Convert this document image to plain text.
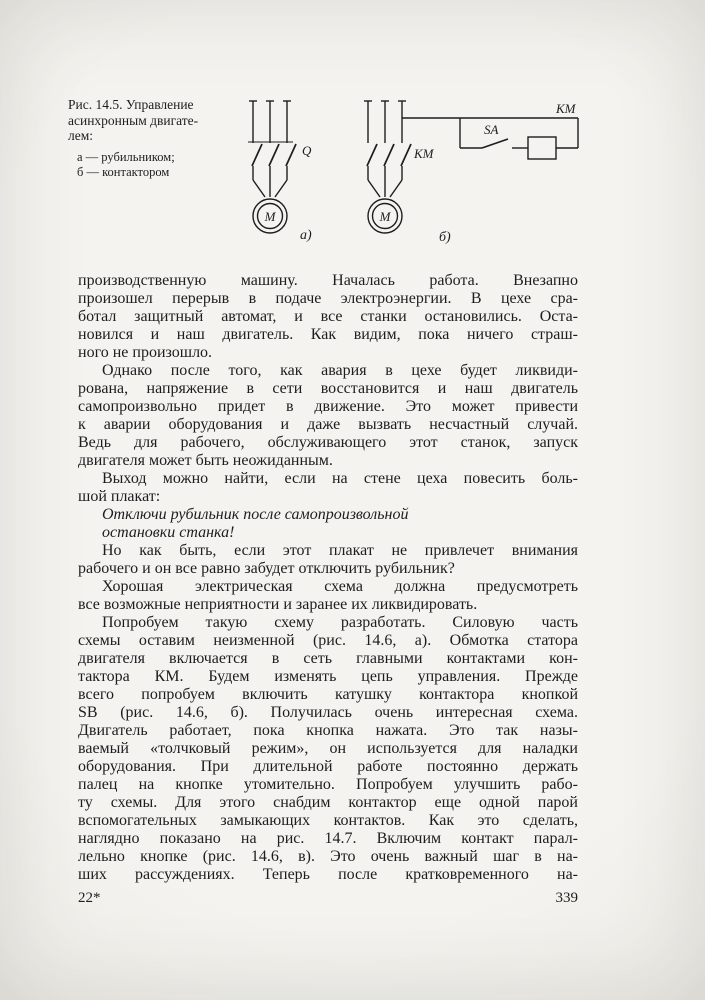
Рис. 14.5. Управление
асинхронным двигате-
лем:
а — рубильником;
б — контактором
Q
М
а)
КМ
SA
КМ
М
б)
производственную машину. Началась работа. Внезапно
произошел перерыв в подаче электроэнергии. В цехе сра-
ботал защитный автомат, и все станки остановились. Оста-
новился и наш двигатель. Как видим, пока ничего страш-
ного не произошло.
Однако после того, как авария в цехе будет ликвиди-
рована, напряжение в сети восстановится и наш двигатель
самопроизвольно придет в движение. Это может привести
к аварии оборудования и даже вызвать несчастный случай.
Ведь для рабочего, обслуживающего этот станок, запуск
двигателя может быть неожиданным.
Выход можно найти, если на стене цеха повесить боль-
шой плакат:
Отключи рубильник после самопроизвольной
остановки станка!
Но как быть, если этот плакат не привлечет внимания
рабочего и он все равно забудет отключить рубильник?
Хорошая электрическая схема должна предусмотреть
все возможные неприятности и заранее их ликвидировать.
Попробуем такую схему разработать. Силовую часть
схемы оставим неизменной (рис. 14.6, а). Обмотка статора
двигателя включается в сеть главными контактами кон-
тактора КМ. Будем изменять цепь управления. Прежде
всего попробуем включить катушку контактора кнопкой
SB (рис. 14.6, б). Получилась очень интересная схема.
Двигатель работает, пока кнопка нажата. Это так назы-
ваемый «толчковый режим», он используется для наладки
оборудования. При длительной работе постоянно держать
палец на кнопке утомительно. Попробуем улучшить рабо-
ту схемы. Для этого снабдим контактор еще одной парой
вспомогательных замыкающих контактов. Как это сделать,
наглядно показано на рис. 14.7. Включим контакт парал-
лельно кнопке (рис. 14.6, в). Это очень важный шаг в на-
ших рассуждениях. Теперь после кратковременного на-
22*	339
